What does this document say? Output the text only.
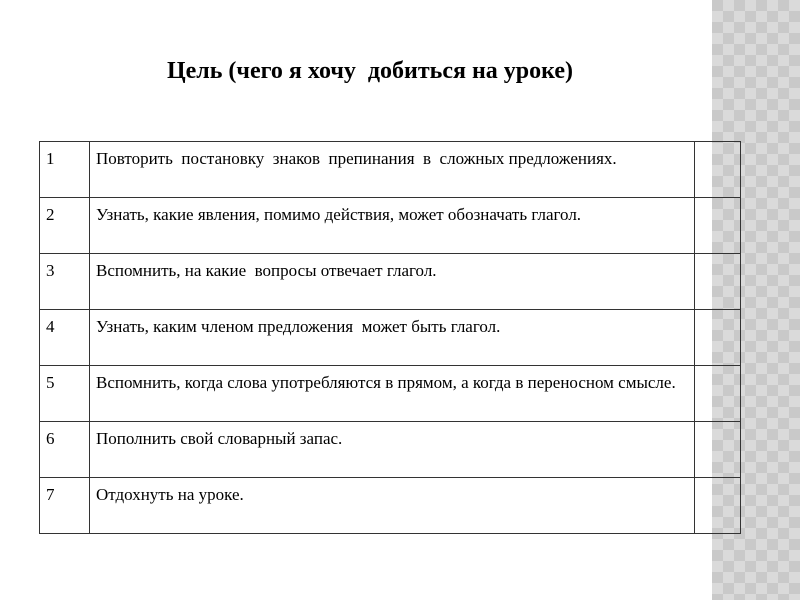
Цель (чего я хочу  добиться на уроке)
1	Повторить  постановку  знаков  препинания  в  сложных предложениях.	
2	Узнать, какие явления, помимо действия, может обозначать глагол.	
3	Вспомнить, на какие  вопросы отвечает глагол.	
4	Узнать, каким членом предложения  может быть глагол.	
5	Вспомнить, когда слова употребляются в прямом, а когда в переносном смысле.	
6	Пополнить свой словарный запас.	
7	Отдохнуть на уроке.	
